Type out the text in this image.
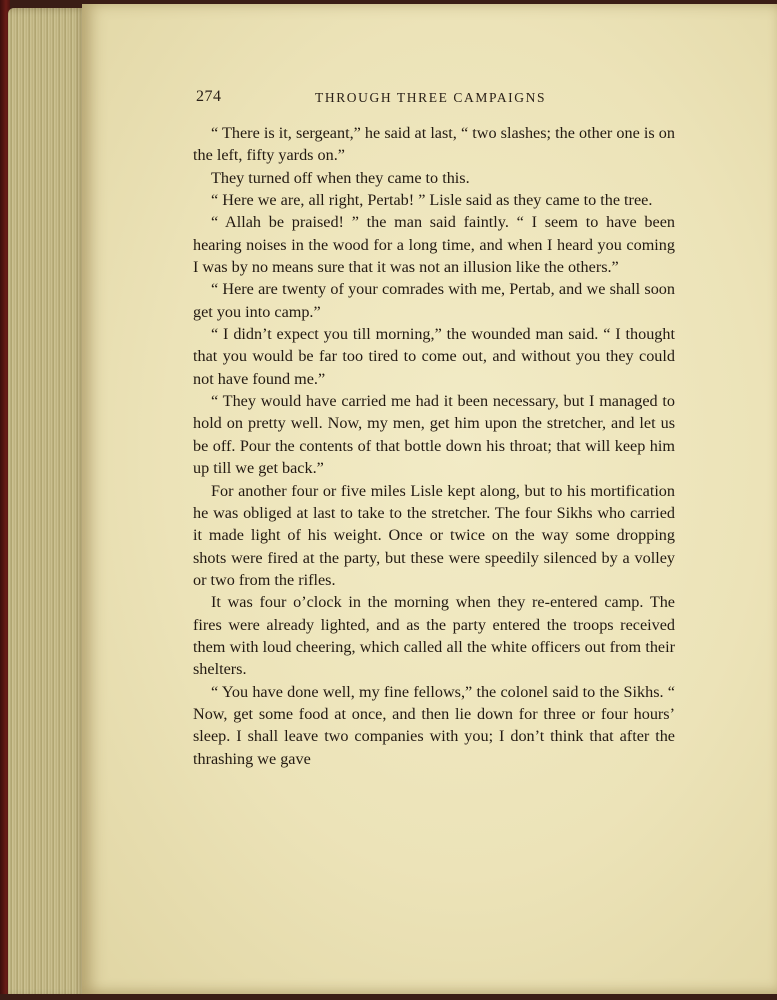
274	THROUGH THREE CAMPAIGNS

“ There is it, sergeant,” he said at last, “ two slashes; the other one is on the left, fifty yards on.”

They turned off when they came to this.

“ Here we are, all right, Pertab! ” Lisle said as they came to the tree.

“ Allah be praised! ” the man said faintly. “ I seem to have been hearing noises in the wood for a long time, and when I heard you coming I was by no means sure that it was not an illusion like the others.”

“ Here are twenty of your comrades with me, Pertab, and we shall soon get you into camp.”

“ I didn’t expect you till morning,” the wounded man said. “ I thought that you would be far too tired to come out, and without you they could not have found me.”

“ They would have carried me had it been necessary, but I managed to hold on pretty well. Now, my men, get him upon the stretcher, and let us be off. Pour the contents of that bottle down his throat; that will keep him up till we get back.”

For another four or five miles Lisle kept along, but to his mortification he was obliged at last to take to the stretcher. The four Sikhs who carried it made light of his weight. Once or twice on the way some dropping shots were fired at the party, but these were speedily silenced by a volley or two from the rifles.

It was four o’clock in the morning when they re-entered camp. The fires were already lighted, and as the party entered the troops received them with loud cheering, which called all the white officers out from their shelters.

“ You have done well, my fine fellows,” the colonel said to the Sikhs. “ Now, get some food at once, and then lie down for three or four hours’ sleep. I shall leave two companies with you; I don’t think that after the thrashing we gave
